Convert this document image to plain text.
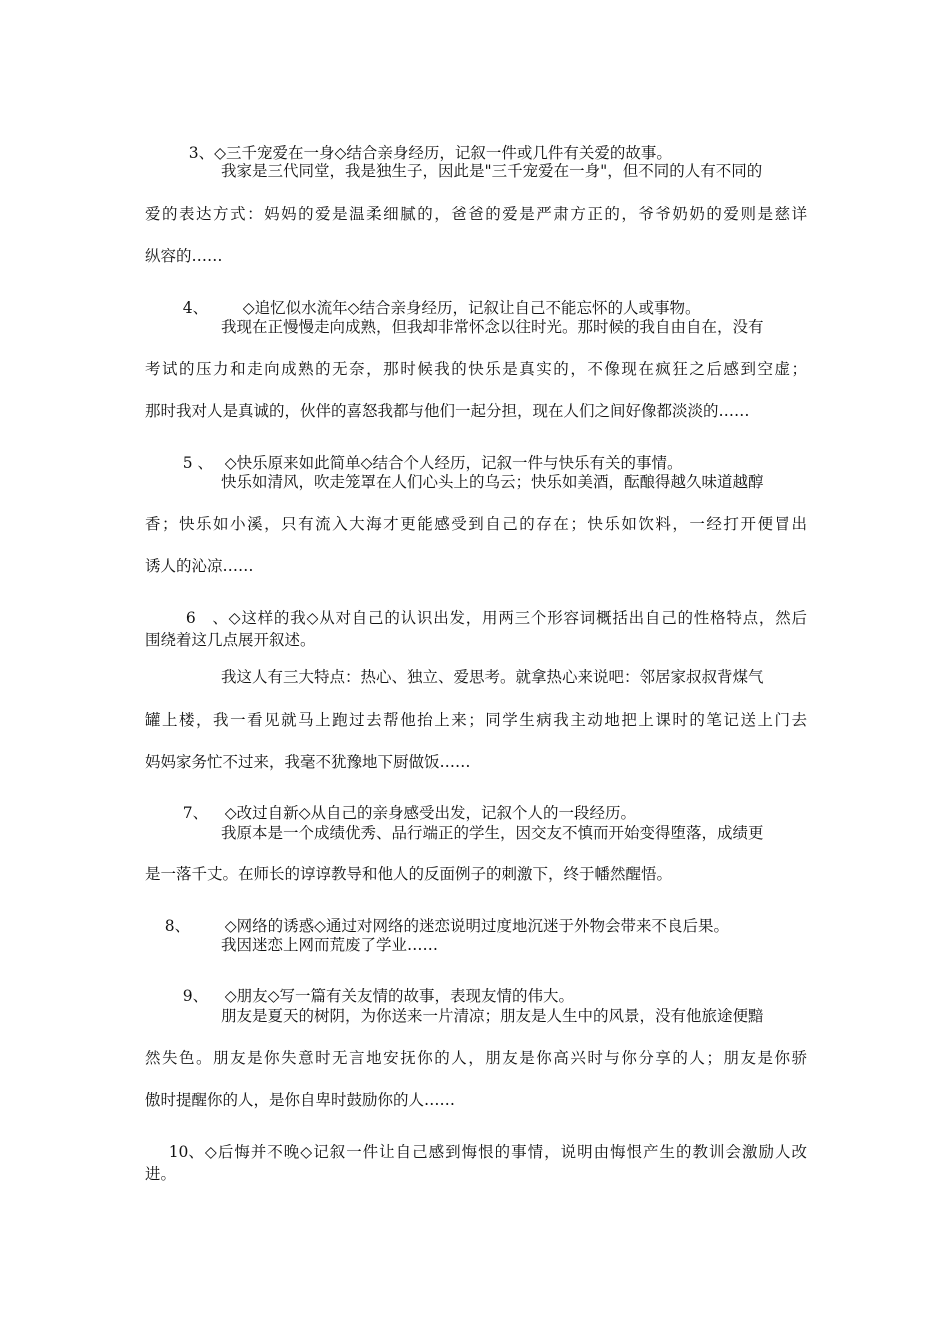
3、◇三千宠爱在一身◇结合亲身经历，记叙一件或几件有关爱的故事。

我家是三代同堂，我是独生子，因此是"三千宠爱在一身"，但不同的人有不同的
爱的表达方式：妈妈的爱是温柔细腻的，爸爸的爱是严肃方正的，爷爷奶奶的爱则是慈详
纵容的……

4、 ◇追忆似水流年◇结合亲身经历，记叙让自己不能忘怀的人或事物。

我现在正慢慢走向成熟，但我却非常怀念以往时光。那时候的我自由自在，没有
考试的压力和走向成熟的无奈，那时候我的快乐是真实的，不像现在疯狂之后感到空虚；
那时我对人是真诚的，伙伴的喜怒我都与他们一起分担，现在人们之间好像都淡淡的……

5 、 ◇快乐原来如此简单◇结合个人经历，记叙一件与快乐有关的事情。

快乐如清风，吹走笼罩在人们心头上的乌云；快乐如美酒，酝酿得越久味道越醇
香；快乐如小溪，只有流入大海才更能感受到自己的存在；快乐如饮料，一经打开便冒出
诱人的沁凉……

6、◇这样的我◇从对自己的认识出发，用两三个形容词概括出自己的性格特点，然后

围绕着这几点展开叙述。
我这人有三大特点：热心、独立、爱思考。就拿热心来说吧：邻居家叔叔背煤气
罐上楼，我一看见就马上跑过去帮他抬上来；同学生病我主动地把上课时的笔记送上门去
妈妈家务忙不过来，我毫不犹豫地下厨做饭……

7、 ◇改过自新◇从自己的亲身感受出发，记叙个人的一段经历。

我原本是一个成绩优秀、品行端正的学生，因交友不慎而开始变得堕落，成绩更
是一落千丈。在师长的谆谆教导和他人的反面例子的刺激下，终于幡然醒悟。

8、 ◇网络的诱惑◇通过对网络的迷恋说明过度地沉迷于外物会带来不良后果。

我因迷恋上网而荒废了学业……

9、 ◇朋友◇写一篇有关友情的故事，表现友情的伟大。

朋友是夏天的树阴，为你送来一片清凉；朋友是人生中的风景，没有他旅途便黯
然失色。朋友是你失意时无言地安抚你的人，朋友是你高兴时与你分享的人；朋友是你骄
傲时提醒你的人，是你自卑时鼓励你的人……

10、◇后悔并不晚◇记叙一件让自己感到悔恨的事情，说明由悔恨产生的教训会激励人改

进。
